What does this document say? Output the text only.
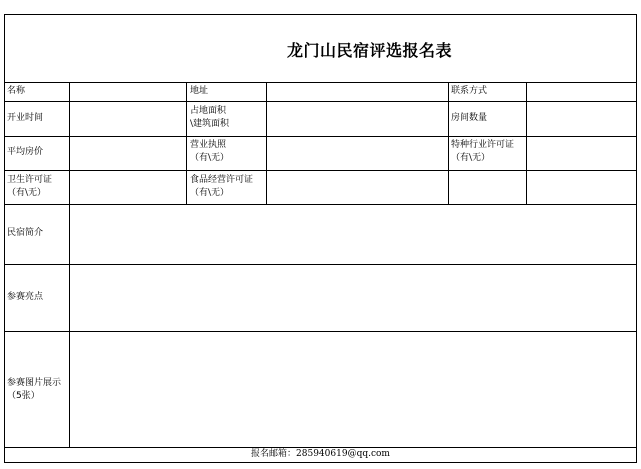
龙门山民宿评选报名表
名称	地址	联系方式
开业时间
占地面积
\建筑面积
房间数量
平均房价
营业执照
（有\无）
特种行业许可证
（有\无）
卫生许可证
（有\无）
食品经营许可证
（有\无）
民宿简介
参赛亮点
参赛图片展示
（5张）
报名邮箱：285940619@qq.com
